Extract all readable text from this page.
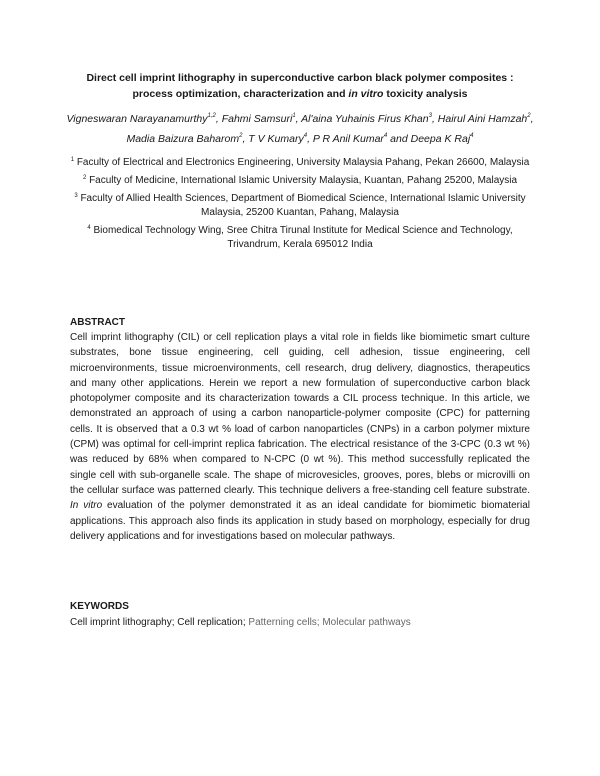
Direct cell imprint lithography in superconductive carbon black polymer composites :
process optimization, characterization and in vitro toxicity analysis
Vigneswaran Narayanamurthy$^{1,2}$, Fahmi Samsuri$^1$, Al'aina Yuhainis Firus Khan$^3$, Hairul Aini Hamzah$^2$, Madia Baizura Baharom$^2$, T V Kumary$^4$, P R Anil Kumar$^4$ and Deepa K Raj$^4$
$^1$ Faculty of Electrical and Electronics Engineering, University Malaysia Pahang, Pekan 26600, Malaysia
$^2$ Faculty of Medicine, International Islamic University Malaysia, Kuantan, Pahang 25200, Malaysia
$^3$ Faculty of Allied Health Sciences, Department of Biomedical Science, International Islamic University Malaysia, 25200 Kuantan, Pahang, Malaysia
$^4$ Biomedical Technology Wing, Sree Chitra Tirunal Institute for Medical Science and Technology, Trivandrum, Kerala 695012 India
ABSTRACT
Cell imprint lithography (CIL) or cell replication plays a vital role in fields like biomimetic smart culture substrates, bone tissue engineering, cell guiding, cell adhesion, tissue engineering, cell microenvironments, tissue microenvironments, cell research, drug delivery, diagnostics, therapeutics and many other applications. Herein we report a new formulation of superconductive carbon black photopolymer composite and its characterization towards a CIL process technique. In this article, we demonstrated an approach of using a carbon nanoparticle-polymer composite (CPC) for patterning cells. It is observed that a 0.3 wt % load of carbon nanoparticles (CNPs) in a carbon polymer mixture (CPM) was optimal for cell-imprint replica fabrication. The electrical resistance of the 3-CPC (0.3 wt %) was reduced by 68% when compared to N-CPC (0 wt %). This method successfully replicated the single cell with sub-organelle scale. The shape of microvesicles, grooves, pores, blebs or microvilli on the cellular surface was patterned clearly. This technique delivers a free-standing cell feature substrate. In vitro evaluation of the polymer demonstrated it as an ideal candidate for biomimetic biomaterial applications. This approach also finds its application in study based on morphology, especially for drug delivery applications and for investigations based on molecular pathways.
KEYWORDS
Cell imprint lithography; Cell replication; Patterning cells; Molecular pathways
